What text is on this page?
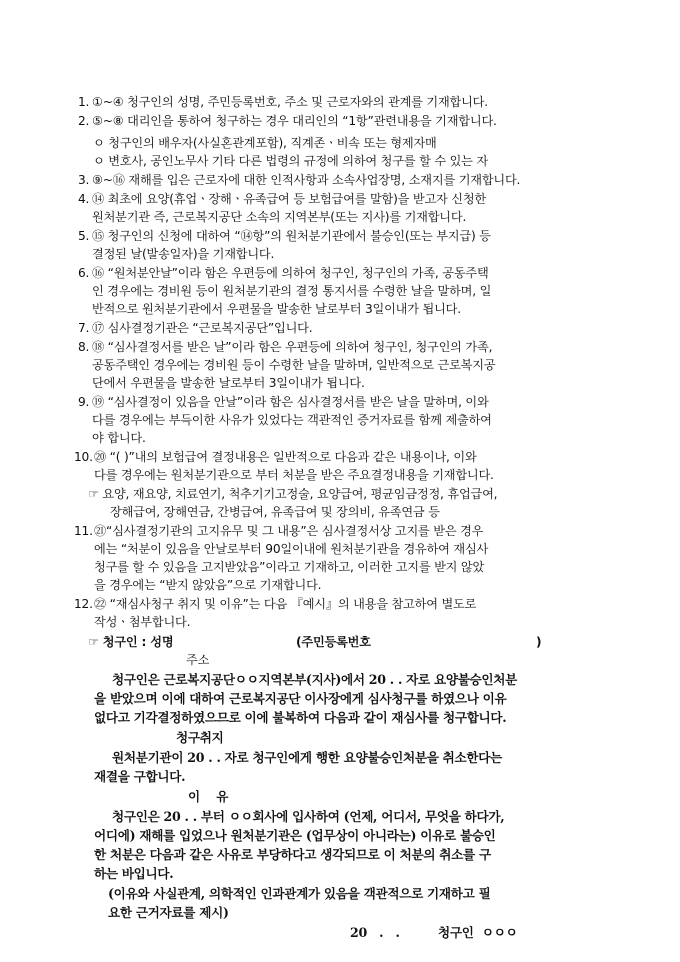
1. ①~④ 청구인의 성명, 주민등록번호, 주소 및 근로자와의 관계를 기재합니다.
2. ⑤~⑧ 대리인을 통하여 청구하는 경우 대리인의 “1항”관련내용을 기재합니다.
ㅇ 청구인의 배우자(사실혼관계포함), 직계존ㆍ비속 또는 형제자매
ㅇ 변호사, 공인노무사 기타 다른 법령의 규정에 의하여 청구를 할 수 있는 자
3. ⑨~⑯ 재해를 입은 근로자에 대한 인적사항과 소속사업장명, 소재지를 기재합니다.
4. ⑭ 최초에 요양(휴업ㆍ장해ㆍ유족급여 등 보험급여를 말함)을 받고자 신청한
원처분기관 즉, 근로복지공단 소속의 지역본부(또는 지사)를 기재합니다.
5. ⑮ 청구인의 신청에 대하여 “⑭항”의 원처분기관에서 불승인(또는 부지급) 등
결정된 날(발송일자)을 기재합니다.
6. ⑯ “원처분안날”이라 함은 우편등에 의하여 청구인, 청구인의 가족, 공동주택
인 경우에는 경비원 등이 원처분기관의 결정 통지서를 수령한 날을 말하며, 일
반적으로 원처분기관에서 우편물을 발송한 날로부터 3일이내가 됩니다.
7. ⑰ 심사결정기관은 “근로복지공단”입니다.
8. ⑱ “심사결정서를 받은 날”이라 함은 우편등에 의하여 청구인, 청구인의 가족,
공동주택인 경우에는 경비원 등이 수령한 날을 말하며, 일반적으로 근로복지공
단에서 우편물을 발송한 날로부터 3일이내가 됩니다.
9. ⑲ “심사결정이 있음을 안날”이라 함은 심사결정서를 받은 날을 말하며, 이와
다를 경우에는 부득이한 사유가 있었다는 객관적인 증거자료를 함께 제출하여
야 합니다.
10. ⑳ “( )”내의 보험급여 결정내용은 일반적으로 다음과 같은 내용이나, 이와
다를 경우에는 원처분기관으로 부터 처분을 받은 주요결정내용을 기재합니다.
☞ 요양, 재요양, 치료연기, 척추기기고정술, 요양급여, 평균임금정정, 휴업급여,
장해급여, 장해연금, 간병급여, 유족급여 및 장의비, 유족연금 등
11. ㉑“심사결정기관의 고지유무 및 그 내용”은 심사결정서상 고지를 받은 경우
에는 “처분이 있음을 안날로부터 90일이내에 원처분기관을 경유하여 재심사
청구를 할 수 있음을 고지받았음”이라고 기재하고, 이러한 고지를 받지 않았
을 경우에는 “받지 않았음”으로 기재합니다.
12. ㉒ “재심사청구 취지 및 이유”는 다음 『예시』의 내용을 참고하여 별도로
작성ㆍ첨부합니다.
☞ 청구인 : 성명	(주민등록번호	)
주소
청구인은 근로복지공단ㅇㅇ지역본부(지사)에서 20 . . 자로 요양불승인처분
을 받았으며 이에 대하여 근로복지공단 이사장에게 심사청구를 하였으나 이유
없다고 기각결정하였으므로 이에 불복하여 다음과 같이 재심사를 청구합니다.
청구취지
원처분기관이 20 . . 자로 청구인에게 행한 요양불승인처분을 취소한다는
재결을 구합니다.
이    유
청구인은 20 . . 부터 ㅇㅇ회사에 입사하여 (언제, 어디서, 무엇을 하다가,
어디에) 재해를 입었으나 원처분기관은 (업무상이 아니라는) 이유로 불승인
한 처분은 다음과 같은 사유로 부당하다고 생각되므로 이 처분의 취소를 구
하는 바입니다.
(이유와 사실관계, 의학적인 인과관계가 있음을 객관적으로 기재하고 필
요한 근거자료를 제시)
20   .   .	청구인  ㅇㅇㅇ
